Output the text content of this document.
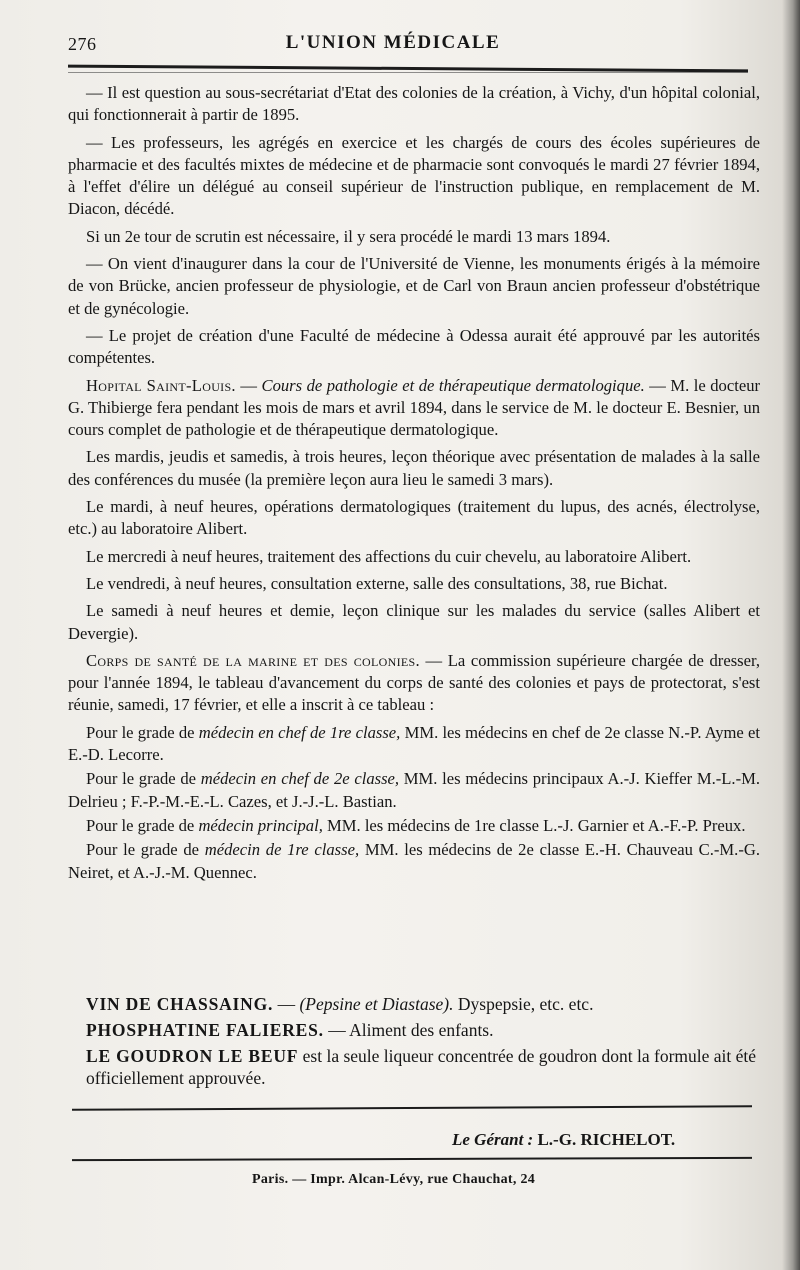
276	L'UNION MÉDICALE

— Il est question au sous-secrétariat d'Etat des colonies de la création, à Vichy, d'un hôpital colonial, qui fonctionnerait à partir de 1895.

— Les professeurs, les agrégés en exercice et les chargés de cours des écoles supérieures de pharmacie et des facultés mixtes de médecine et de pharmacie sont convoqués le mardi 27 février 1894, à l'effet d'élire un délégué au conseil supérieur de l'instruction publique, en remplacement de M. Diacon, décédé.

Si un 2e tour de scrutin est nécessaire, il y sera procédé le mardi 13 mars 1894.

— On vient d'inaugurer dans la cour de l'Université de Vienne, les monuments érigés à la mémoire de von Brücke, ancien professeur de physiologie, et de Carl von Braun ancien professeur d'obstétrique et de gynécologie.

— Le projet de création d'une Faculté de médecine à Odessa aurait été approuvé par les autorités compétentes.

Hopital Saint-Louis. — Cours de pathologie et de thérapeutique dermatologique. — M. le docteur G. Thibierge fera pendant les mois de mars et avril 1894, dans le service de M. le docteur E. Besnier, un cours complet de pathologie et de thérapeutique dermatologique.

Les mardis, jeudis et samedis, à trois heures, leçon théorique avec présentation de malades à la salle des conférences du musée (la première leçon aura lieu le samedi 3 mars).

Le mardi, à neuf heures, opérations dermatologiques (traitement du lupus, des acnés, électrolyse, etc.) au laboratoire Alibert.

Le mercredi à neuf heures, traitement des affections du cuir chevelu, au laboratoire Alibert.

Le vendredi, à neuf heures, consultation externe, salle des consultations, 38, rue Bichat.

Le samedi à neuf heures et demie, leçon clinique sur les malades du service (salles Alibert et Devergie).

Corps de santé de la marine et des colonies. — La commission supérieure chargée de dresser, pour l'année 1894, le tableau d'avancement du corps de santé des colonies et pays de protectorat, s'est réunie, samedi, 17 février, et elle a inscrit à ce tableau :

Pour le grade de médecin en chef de 1re classe, MM. les médecins en chef de 2e classe N.-P. Ayme et E.-D. Lecorre.

Pour le grade de médecin en chef de 2e classe, MM. les médecins principaux A.-J. Kieffer M.-L.-M. Delrieu ; F.-P.-M.-E.-L. Cazes, et J.-J.-L. Bastian.

Pour le grade de médecin principal, MM. les médecins de 1re classe L.-J. Garnier et A.-F.-P. Preux.

Pour le grade de médecin de 1re classe, MM. les médecins de 2e classe E.-H. Chauveau C.-M.-G. Neiret, et A.-J.-M. Quennec.

VIN DE CHASSAING. — (Pepsine et Diastase). Dyspepsie, etc. etc.
PHOSPHATINE FALIERES. — Aliment des enfants.
LE GOUDRON LE BEUF est la seule liqueur concentrée de goudron dont la formule ait été officiellement approuvée.
Le Gérant : L.-G. RICHELOT.
Paris. — Impr. Alcan-Lévy, rue Chauchat, 24
